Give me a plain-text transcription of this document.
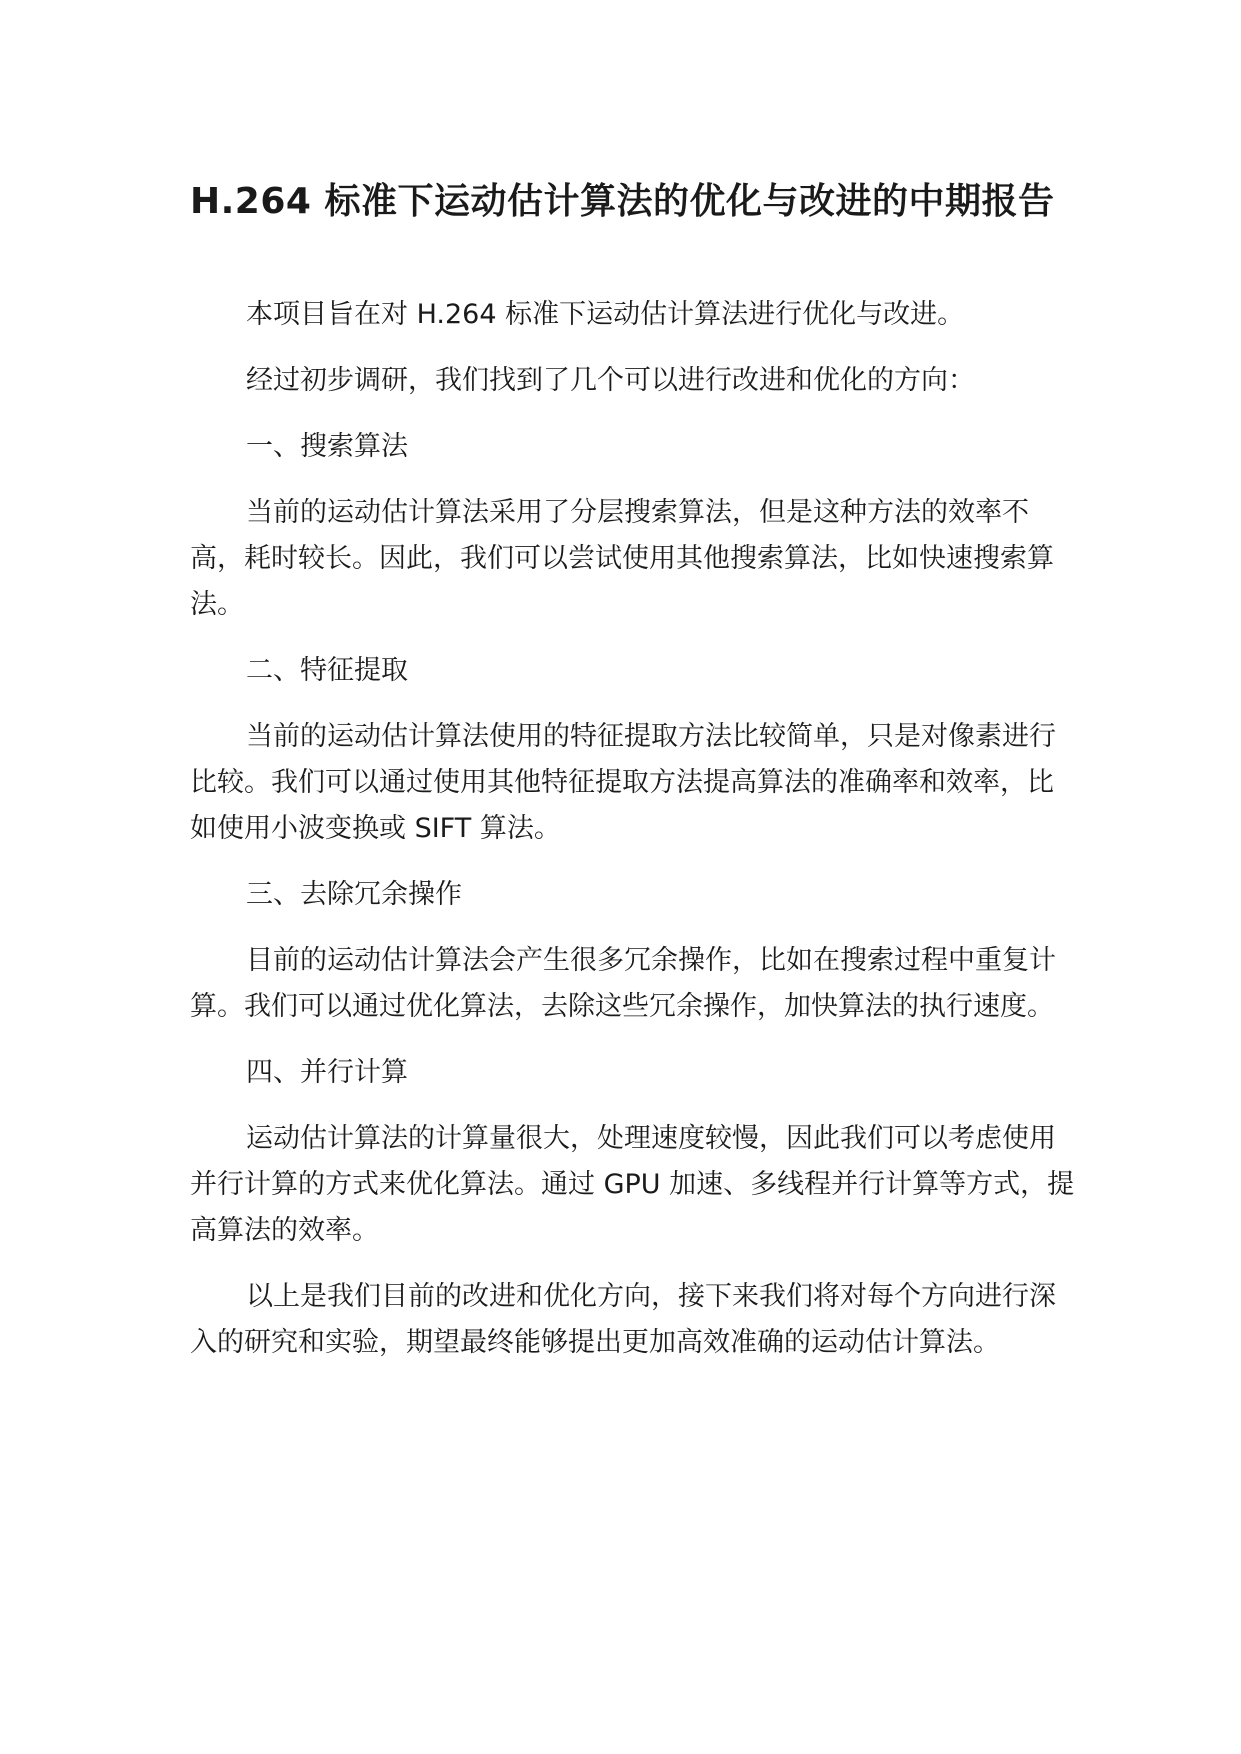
H.264 标准下运动估计算法的优化与改进的中期报告

本项目旨在对 H.264 标准下运动估计算法进行优化与改进。

经过初步调研，我们找到了几个可以进行改进和优化的方向：

一、搜索算法

当前的运动估计算法采用了分层搜索算法，但是这种方法的效率不高，耗时较长。因此，我们可以尝试使用其他搜索算法，比如快速搜索算法。

二、特征提取

当前的运动估计算法使用的特征提取方法比较简单，只是对像素进行比较。我们可以通过使用其他特征提取方法提高算法的准确率和效率，比如使用小波变换或 SIFT 算法。

三、去除冗余操作

目前的运动估计算法会产生很多冗余操作，比如在搜索过程中重复计算。我们可以通过优化算法，去除这些冗余操作，加快算法的执行速度。

四、并行计算

运动估计算法的计算量很大，处理速度较慢，因此我们可以考虑使用并行计算的方式来优化算法。通过 GPU 加速、多线程并行计算等方式，提高算法的效率。

以上是我们目前的改进和优化方向，接下来我们将对每个方向进行深入的研究和实验，期望最终能够提出更加高效准确的运动估计算法。
